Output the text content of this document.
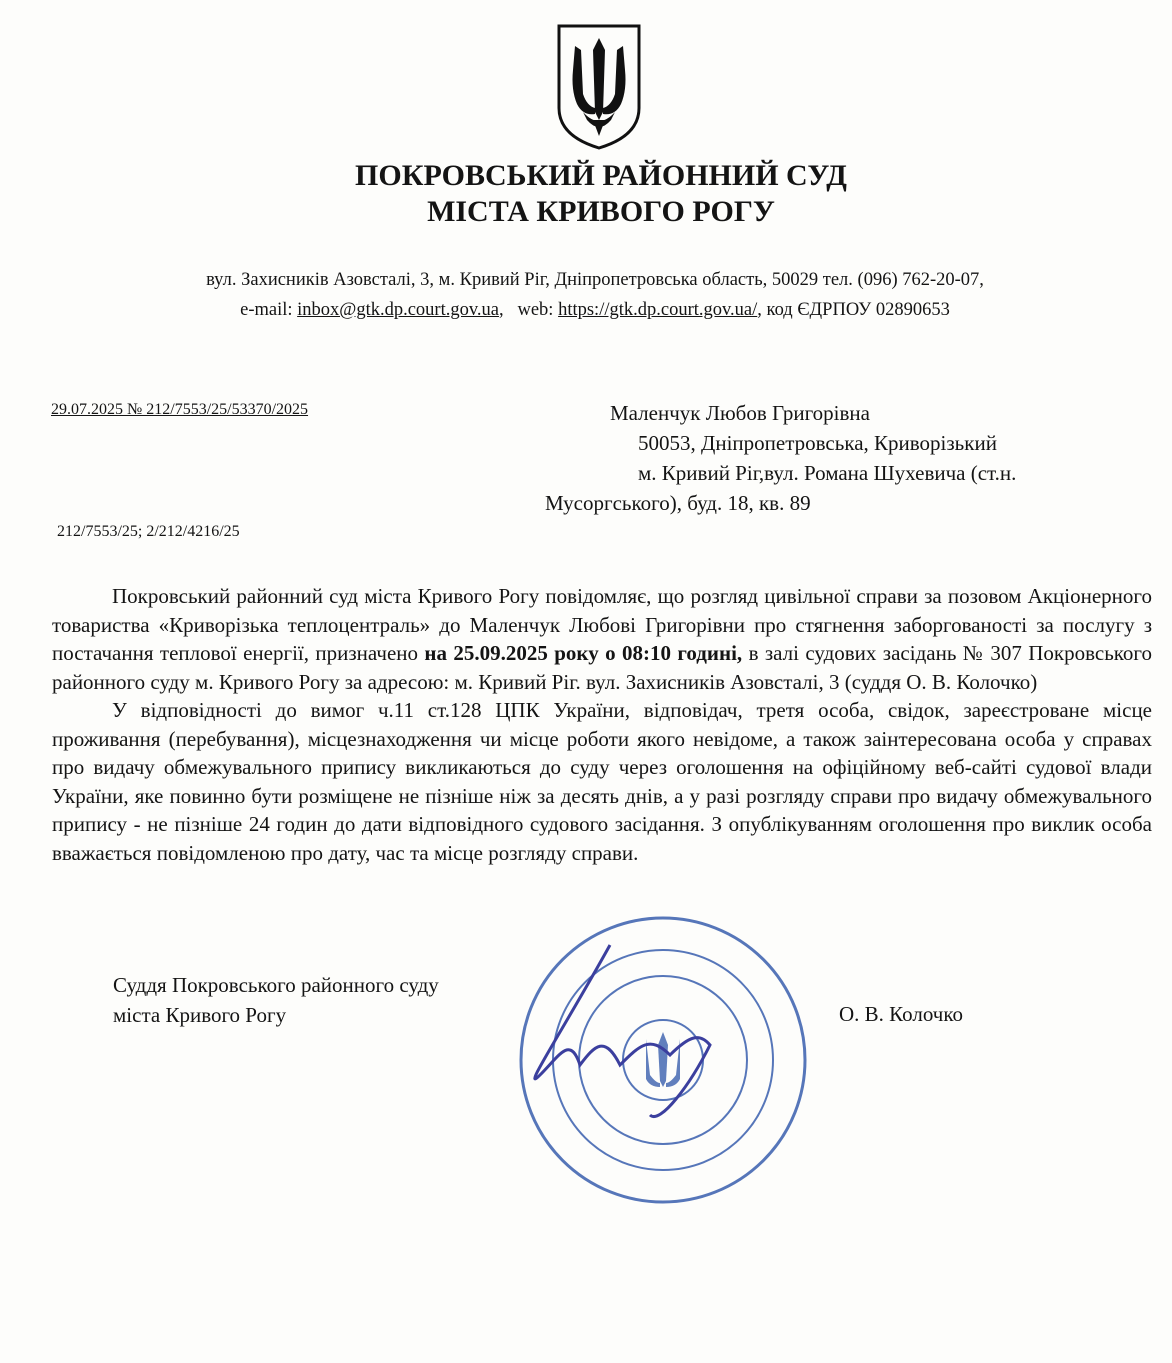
ПОКРОВСЬКИЙ РАЙОННИЙ СУД
МІСТА КРИВОГО РОГУ
вул. Захисників Азовсталі, 3, м. Кривий Ріг, Дніпропетровська область, 50029 тел. (096) 762-20-07,
e-mail: inbox@gtk.dp.court.gov.ua,   web: https://gtk.dp.court.gov.ua/, код ЄДРПОУ 02890653
29.07.2025 № 212/7553/25/53370/2025	Маленчук Любов Григорівна
50053, Дніпропетровська, Криворізький
м. Кривий Ріг,вул. Романа Шухевича (ст.н.
Мусоргського), буд. 18, кв. 89
212/7553/25; 2/212/4216/25

Покровський районний суд міста Кривого Рогу повідомляє, що розгляд цивільної справи за позовом Акціонерного товариства «Криворізька теплоцентраль» до Маленчук Любові Григорівни про стягнення заборгованості за послугу з постачання теплової енергії, призначено на 25.09.2025 року о 08:10 годині, в залі судових засідань № 307 Покровського районного суду м. Кривого Рогу за адресою: м. Кривий Ріг. вул. Захисників Азовсталі, 3 (суддя О. В. Колочко)

У відповідності до вимог ч.11 ст.128 ЦПК України, відповідач, третя особа, свідок, зареєстроване місце проживання (перебування), місцезнаходження чи місце роботи якого невідоме, а також заінтересована особа у справах про видачу обмежувального припису викликаються до суду через оголошення на офіційному веб-сайті судової влади України, яке повинно бути розміщене не пізніше ніж за десять днів, а у разі розгляду справи про видачу обмежувального припису - не пізніше 24 годин до дати відповідного судового засідання. З опублікуванням оголошення про виклик особа вважається повідомленою про дату, час та місце розгляду справи.

Суддя Покровського районного суду
міста Кривого Рогу	О. В. Колочко
